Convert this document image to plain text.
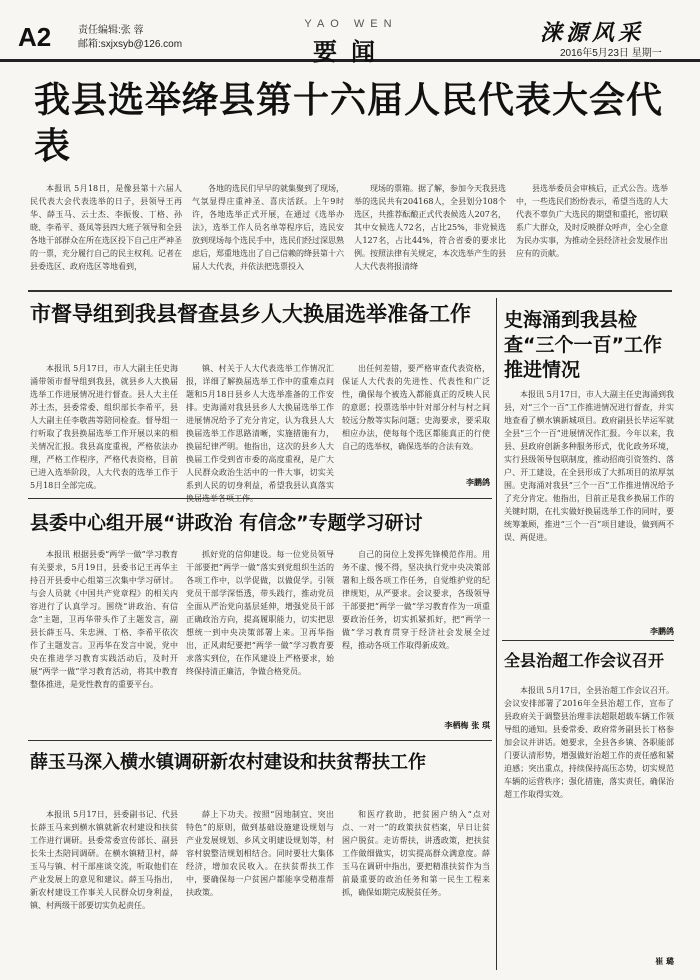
A2	责任编辑:张 蓉
邮箱:sxjxsyb@126.com
YAO WEN
要闻
涞源风采
2016年5月23日 星期一
我县选举绛县第十六届人民代表大会代表

本报讯 5月18日，是像县第十六届人民代表大会代表选举的日子，县领导王再华、薛玉马、云士杰、李振俊、丁格、孙晓、李希平、聂凤等县四大班子领导和全县各地干部群众在所在选区投下自己庄严神圣的一票，充分履行自己的民主权利。记者在县委选区、政府选区等地看到，

各地的选民们早早的就集聚到了现场，气氛显得庄重神圣、喜庆活跃。上午9时许，各地选举正式开展，在通过《选举办法》，选举工作人员名单等程序后，选民安放到现场每个选民手中，选民们经过深思熟虑后，郑重地选出了自己信赖的绛县第十六届人大代表，并依法把选票投入

现场的票箱。据了解，参加今天我县选举的选民共有204168人，全县划分108个选区，共推荐酝酿正式代表候选人207名，其中女候选人72名，占比25%，非党候选人127名，占比44%，符合省委的要求比例。按照法律有关规定，本次选举产生的县人大代表将报清绛

县选举委员会审核后，正式公告。选举中，一些选民们纷纷表示，希望当选的人大代表不辜负广大选民的期望和重托，密切联系广大群众，及时反映群众呼声，全心全意为民办实事，为推动全县经济社会发展作出应有的贡献。

市督导组到我县督查县乡人大换届选举准备工作

本报讯 5月17日，市人大副主任史海涌带领市督导组到我县，就县乡人大换届选举工作进展情况进行督查。县人大主任苏士杰，县委常委、组织部长李希平，县人大副主任李敬茜等陪同检查。督导组一行听取了我县换届选举工作开展以来的相关情况汇报。我县高度重视，严格依法办理，严格工作程序，严格代表资格，目前已进入选举阶段，人大代表的选举工作于5月18日全部完成。

镇、村关于人大代表选举工作情况汇报，详细了解换届选举工作中的重难点问题和5月18日县乡人大选举准备的工作安排。史海涌对我县县乡人大换届选举工作进展情况给予了充分肯定，认为我县人大换届选举工作思路清晰，实施措施有力，换届纪律严明。他指出，这次的县乡人大换届工作受到省市委的高度重视，是广大人民群众政治生活中的一件大事，切实关系到人民的切身利益，希望我县认真落实

出任何差错，要严格审查代表资格，保证人大代表的先进性、代表性和广泛性，确保每个被选入都能真正的反映人民的意愿；投票选举中针对部分村与村之间较远分散等实际问题；史海要求，要采取相应办法，使每每个选区都能真正的行使自己的选举权，确保选举的合法有效。

李鹏鸽
史海涌到我县检查“三个一百”工作推进情况

本报讯 5月17日，市人大副主任史海涌到我县，对“三个一百”工作推进情况进行督查，并实地查看了横水镇新城项目。政府副县长毕运军就全县“三个一百”进展情况作汇报。今年以来，我县、县政府创新多种服务形式，优化政务环境，实行县级领导包联制度，推动招商引资签约、落户、开工建设，在全县形成了大抓项目的浓厚氛围。史海涌对我县“三个一百”工作推进情况给予了充分肯定。他指出，目前正是我乡换届工作的关键时期，在扎实做好换届选举工作的同时，要统筹兼顾，推进“三个一百”项目建设，做到两不误、两促进。

李鹏鸽
县委中心组开展“讲政治 有信念”专题学习研讨

本报讯 根据县委“两学一做”学习教育有关要求，5月19日，县委书记王再华主持召开县委中心组第三次集中学习研讨。与会人员就《中国共产党章程》的相关内容进行了认真学习。围绕“讲政治、有信念”主题，卫再华带头作了主题发言，副县长薛玉马、朱忠洲、丁格、李希平依次作了主题发言。卫再华在发言中说，党中央在推进学习教育实践活动后，及时开展“两学一做”学习教育活动，将其中教育整体推进，是党性教育的重要平台。

抓好党的信仰建设。每一位党员领导干部要把“两学一做”落实到党组织生活的各项工作中，以学促做，以做促学。引领党员干部学深悟透，带头践行，推动党员全面从严治党向基层延伸，增强党员干部正确政治方向，提高履职能力，切实把思想统一到中央决策部署上来。卫再华指出，正风肃纪要把“两学一做”学习教育要求落实到位，在作风建设上严格要求，始终保持清正廉洁，争做合格党员。

自己的岗位上发挥先锋模范作用。用务不虚、慢不得，坚决执行党中央决策部署和上级各项工作任务，自觉维护党的纪律规矩，从严要求。会议要求，各级领导干部要把“两学一做”学习教育作为一项重要政治任务，切实抓紧抓好，把“两学一做”学习教育贯穿于经济社会发展全过程，推动各项工作取得新成效。

李栖梅 张 琪
全县治超工作会议召开

本报讯 5月17日，全县治超工作会议召开。会议安排部署了2016年全县治超工作，宣布了县政府关于调整县治理非法超限超载车辆工作领导组的通知。县委常委、政府常务副县长丁格参加会议并讲话。她要求，全县各乡镇、各职能部门要认清形势，增强做好治超工作的责任感和紧迫感；突出重点，持续保持高压态势，切实规范车辆的运营秩序；强化措施，落实责任，确保治超工作取得实效。

崔 璐
薛玉马深入横水镇调研新农村建设和扶贫帮扶工作

本报讯 5月17日，县委副书记、代县长薛玉马来到横水镇就新农村建设和扶贫工作进行调研。县委常委宣传部长、副县长朱士杰陪同调研。在横水镇精卫村，薛玉马与镇、村干部座谈交流，听取他们在产业发展上的意见和建议。薛玉马指出，新农村建设工作事关人民群众切身利益，镇、村两级干部要切实负起责任。

薛上下功夫。按照“因地制宜、突出特色”的原则，做到基础设施建设规划与产业发展规划、乡风文明建设规划等，村容村貌整洁规划相结合。同时要壮大集体经济，增加农民收入。在扶贫帮扶工作中，要确保每一户贫困户都能享受精准帮扶政策。

和医疗救助，把贫困户纳入“点对点、一对一”的政策扶贫档案，早日让贫困户脱贫。走访帮扶，讲透政策，把扶贫工作做细做实，切实提高群众满意度。薛玉马在调研中指出，要把精准扶贫作为当前最重要的政治任务和第一民生工程来抓，确保如期完成脱贫任务。
